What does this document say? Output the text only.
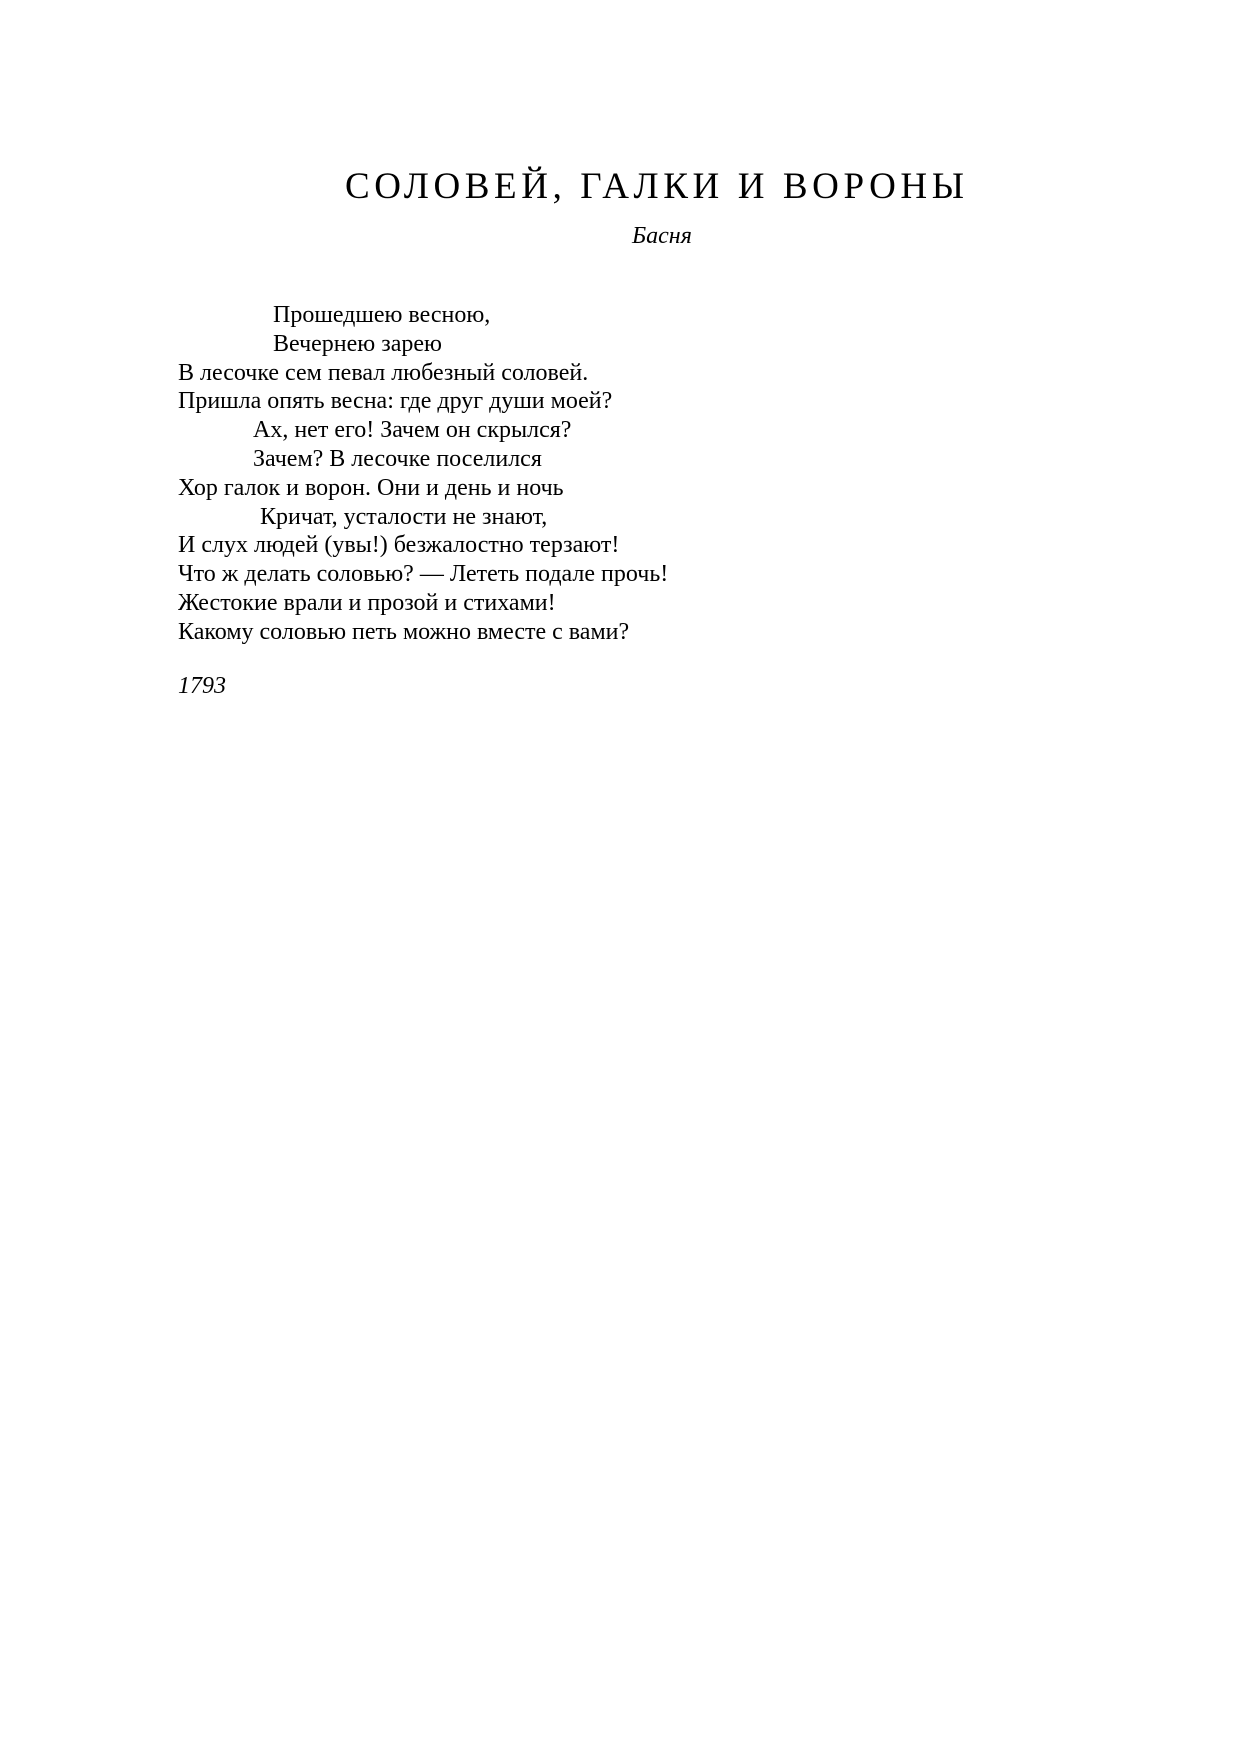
СОЛОВЕЙ, ГАЛКИ И ВОРОНЫ
Басня
Прошедшею весною,
Вечернею зарею
В лесочке сем певал любезный соловей.
Пришла опять весна: где друг души моей?
Ах, нет его! Зачем он скрылся?
Зачем? В лесочке поселился
Хор галок и ворон. Они и день и ночь
Кричат, усталости не знают,
И слух людей (увы!) безжалостно терзают!
Что ж делать соловью? — Лететь подале прочь!
Жестокие врали и прозой и стихами!
Какому соловью петь можно вместе с вами?
1793
